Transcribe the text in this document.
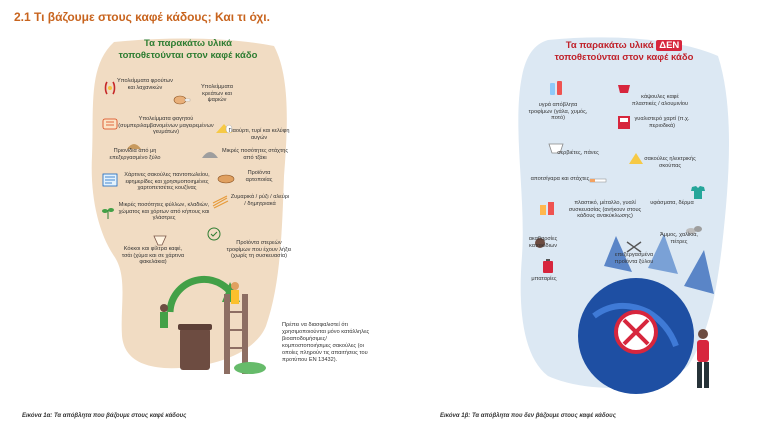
2.1 Τι βάζουμε στους καφέ κάδους; Και τι όχι.
Τα παρακάτω υλικά
τοποθετούνται στον καφέ κάδο
Υπολείμματα φρούτων και λαχανικών	Υπολείμματα κρεάτων και ψαριών
Υπολείμματα φαγητού (συμπεριλαμβανομένων μαγειρεμένων γευμάτων)	Γιαούρτι, τυρί και κελύφη αυγών
Πριονίδια από μη επεξεργασμένο ξύλο
Μικρές ποσότητες στάχτης από τζάκι
Χάρτινες σακούλες παντοπωλείου, εφημερίδες και χρησιμοποιημένες χαρτοπετσέτες κουζίνας
Προϊόντα αρτοποιίας
Ζυμαρικά / ρύζι / αλεύρι / δημητριακά
Μικρές ποσότητες φύλλων, κλαδιών, χώματος και χόρτων από κήπους και γλάστρες
Προϊόντα στερεών τροφίμων που έχουν λήξει (χωρίς τη συσκευασία)
Κόκκοι και φίλτρα καφέ, τσάι (χύμα και σε χάρτινα φακελάκια)
Πρέπει να διασφαλιστεί ότι χρησιμοποιούνται μόνο κατάλληλες βιοαποδομήσιμες/κομποστοποιήσιμες σακούλες (οι οποίες πληρούν τις απαιτήσεις του προτύπου EN 13432).
Εικόνα 1α: Τα απόβλητα που βάζουμε στους καφέ κάδους
Τα παρακάτω υλικά ΔΕΝ
τοποθετούνται στον καφέ κάδο
υγρά απόβλητα τροφίμων (γάλα, χυμός, ποτό)
κάψουλες καφέ πλαστικές / αλουμινίου
γυαλιστερό χαρτί (π.χ. περιοδικά)
σερβιέτες, πάνες
σακούλες ηλεκτρικής σκούπας
αποτσίγαρα και στάχτες
πλαστικό, μέταλλο, γυαλί συσκευασίας (ανήκουν στους κάδους ανακύκλωσης)
υφάσματα, δέρμα
ακαθαρσίες κατοικίδιων
επεξεργασμένα προϊόντα ξύλου
Άμμος, χαλίκια, πέτρες
μπαταρίες
Εικόνα 1β: Τα απόβλητα που δεν βάζουμε στους καφέ κάδους
